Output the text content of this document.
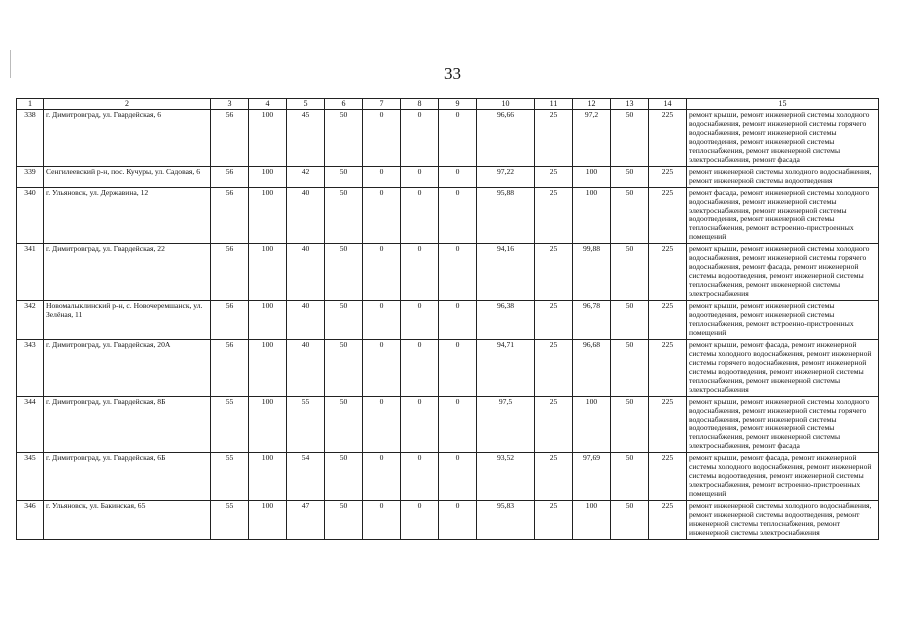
33
1	2	3	4	5	6	7	8	9	10	11	12	13	14	15
338	г. Димитровград, ул. Гвардейская, 6	56	100	45	50	0	0	0	96,66	25	97,2	50	225	ремонт крыши, ремонт инженерной системы холодного водоснабжения, ремонт инженерной системы горячего водоснабжения, ремонт инженерной системы водоотведения, ремонт инженерной системы теплоснабжения, ремонт инженерной системы электроснабжения, ремонт фасада
339	Сенгилеевский р-н, пос. Кучуры, ул. Садовая, 6	56	100	42	50	0	0	0	97,22	25	100	50	225	ремонт инженерной системы холодного водоснабжения, ремонт инженерной системы водоотведения
340	г. Ульяновск, ул. Державина, 12	56	100	40	50	0	0	0	95,88	25	100	50	225	ремонт фасада, ремонт инженерной системы холодного водоснабжения, ремонт инженерной системы электроснабжения, ремонт инженерной системы водоотведения, ремонт инженерной системы теплоснабжения, ремонт встроенно-пристроенных помещений
341	г. Димитровград, ул. Гвардейская, 22	56	100	40	50	0	0	0	94,16	25	99,88	50	225	ремонт крыши, ремонт инженерной системы холодного водоснабжения, ремонт инженерной системы горячего водоснабжения, ремонт фасада, ремонт инженерной системы водоотведения, ремонт инженерной системы теплоснабжения, ремонт инженерной системы электроснабжения
342	Новомалыклинский р-н, с. Новочеремшанск, ул. Зелёная, 11	56	100	40	50	0	0	0	96,38	25	96,78	50	225	ремонт крыши, ремонт инженерной системы водоотведения, ремонт инженерной системы теплоснабжения, ремонт встроенно-пристроенных помещений
343	г. Димитровград, ул. Гвардейская, 20А	56	100	40	50	0	0	0	94,71	25	96,68	50	225	ремонт крыши, ремонт фасада, ремонт инженерной системы холодного водоснабжения, ремонт инженерной системы горячего водоснабжения, ремонт инженерной системы водоотведения, ремонт инженерной системы теплоснабжения, ремонт инженерной системы электроснабжения
344	г. Димитровград, ул. Гвардейская, 8Б	55	100	55	50	0	0	0	97,5	25	100	50	225	ремонт крыши, ремонт инженерной системы холодного водоснабжения, ремонт инженерной системы горячего водоснабжения, ремонт инженерной системы водоотведения, ремонт инженерной системы теплоснабжения, ремонт инженерной системы электроснабжения, ремонт фасада
345	г. Димитровград, ул. Гвардейская, 6Б	55	100	54	50	0	0	0	93,52	25	97,69	50	225	ремонт крыши, ремонт фасада, ремонт инженерной системы холодного водоснабжения, ремонт инженерной системы водоотведения, ремонт инженерной системы электроснабжения, ремонт встроенно-пристроенных помещений
346	г. Ульяновск, ул. Бакинская, 65	55	100	47	50	0	0	0	95,83	25	100	50	225	ремонт инженерной системы холодного водоснабжения, ремонт инженерной системы водоотведения, ремонт инженерной системы теплоснабжения, ремонт инженерной системы электроснабжения
